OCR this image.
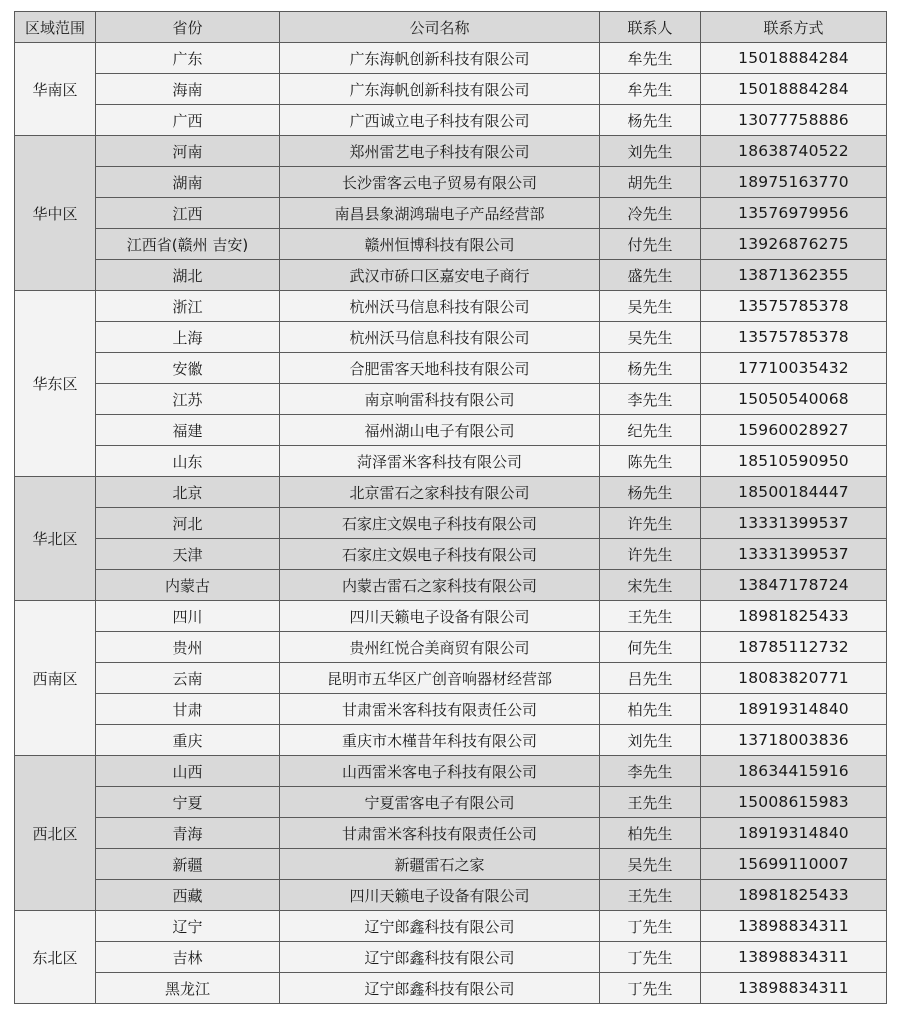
区域范围	省份	公司名称	联系人	联系方式
华南区	广东	广东海帆创新科技有限公司	牟先生	15018884284
	海南	广东海帆创新科技有限公司	牟先生	15018884284
	广西	广西诚立电子科技有限公司	杨先生	13077758886
华中区	河南	郑州雷艺电子科技有限公司	刘先生	18638740522
	湖南	长沙雷客云电子贸易有限公司	胡先生	18975163770
	江西	南昌县象湖鸿瑞电子产品经营部	冷先生	13576979956
	江西省(赣州 吉安)	赣州恒博科技有限公司	付先生	13926876275
	湖北	武汉市硚口区嘉安电子商行	盛先生	13871362355
华东区	浙江	杭州沃马信息科技有限公司	吴先生	13575785378
	上海	杭州沃马信息科技有限公司	吴先生	13575785378
	安徽	合肥雷客天地科技有限公司	杨先生	17710035432
	江苏	南京响雷科技有限公司	李先生	15050540068
	福建	福州湖山电子有限公司	纪先生	15960028927
	山东	菏泽雷米客科技有限公司	陈先生	18510590950
华北区	北京	北京雷石之家科技有限公司	杨先生	18500184447
	河北	石家庄文娱电子科技有限公司	许先生	13331399537
	天津	石家庄文娱电子科技有限公司	许先生	13331399537
	内蒙古	内蒙古雷石之家科技有限公司	宋先生	13847178724
西南区	四川	四川天籁电子设备有限公司	王先生	18981825433
	贵州	贵州红悦合美商贸有限公司	何先生	18785112732
	云南	昆明市五华区广创音响器材经营部	吕先生	18083820771
	甘肃	甘肃雷米客科技有限责任公司	柏先生	18919314840
	重庆	重庆市木槿昔年科技有限公司	刘先生	13718003836
西北区	山西	山西雷米客电子科技有限公司	李先生	18634415916
	宁夏	宁夏雷客电子有限公司	王先生	15008615983
	青海	甘肃雷米客科技有限责任公司	柏先生	18919314840
	新疆	新疆雷石之家	吴先生	15699110007
	西藏	四川天籁电子设备有限公司	王先生	18981825433
东北区	辽宁	辽宁郎鑫科技有限公司	丁先生	13898834311
	吉林	辽宁郎鑫科技有限公司	丁先生	13898834311
	黑龙江	辽宁郎鑫科技有限公司	丁先生	13898834311
